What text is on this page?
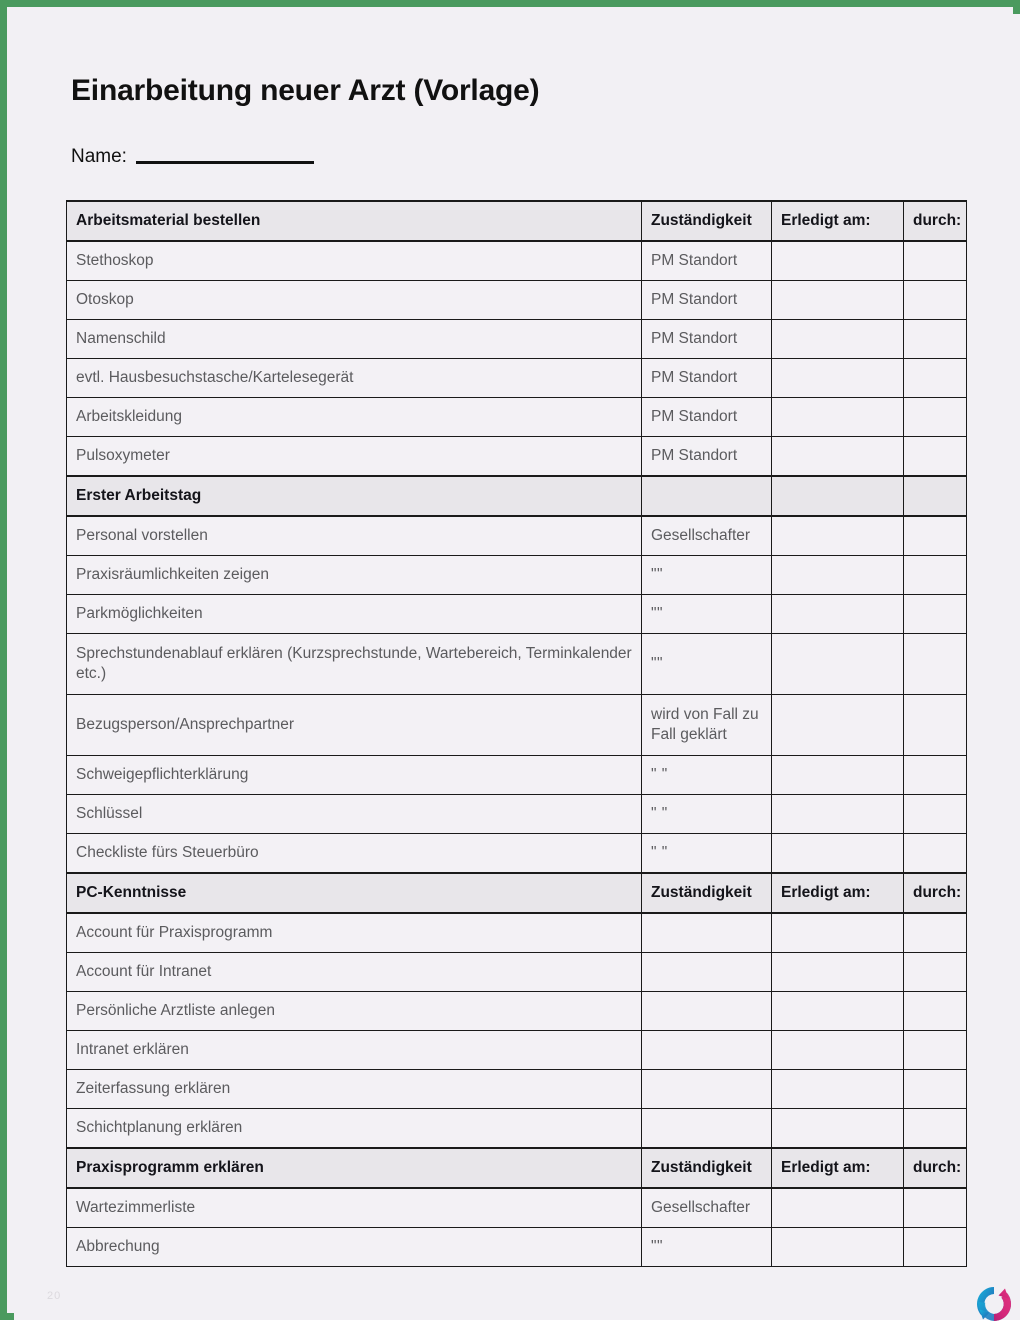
Einarbeitung neuer Arzt (Vorlage)
Name:
Arbeitsmaterial bestellen	Zuständigkeit	Erledigt am:	durch:
Stethoskop	PM Standort		
Otoskop	PM Standort		
Namenschild	PM Standort		
evtl. Hausbesuchstasche/Kartelesegerät	PM Standort		
Arbeitskleidung	PM Standort		
Pulsoxymeter	PM Standort		
Erster Arbeitstag			
Personal vorstellen	Gesellschafter		
Praxisräumlichkeiten zeigen	""		
Parkmöglichkeiten	""		
Sprechstundenablauf erklären (Kurzsprechstunde, Wartebereich, Terminkalender etc.)	""		
Bezugsperson/Ansprechpartner	wird von Fall zu Fall geklärt		
Schweigepflichterklärung	" "		
Schlüssel	" "		
Checkliste fürs Steuerbüro	" "		
PC-Kenntnisse	Zuständigkeit	Erledigt am:	durch:
Account für Praxisprogramm			
Account für Intranet			
Persönliche Arztliste anlegen			
Intranet erklären			
Zeiterfassung erklären			
Schichtplanung erklären			
Praxisprogramm erklären	Zuständigkeit	Erledigt am:	durch:
Wartezimmerliste	Gesellschafter		
Abbrechung	""		
20
